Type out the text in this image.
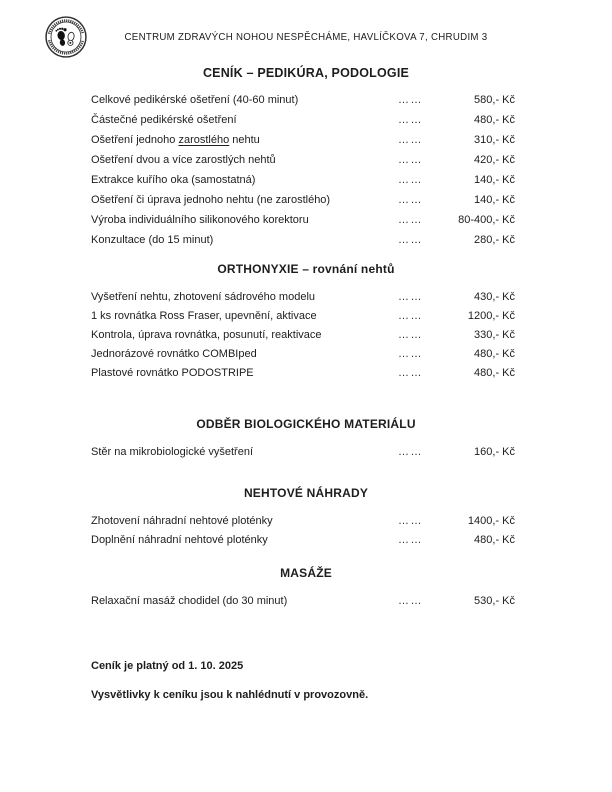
CENTRUM ZDRAVÝCH NOHOU NESPĚCHÁME, HAVLÍČKOVA 7, CHRUDIM 3
CENÍK – PEDIKÚRA, PODOLOGIE
Celkové pedikérské ošetření (40-60 minut)	……	580,- Kč
Částečné pedikérské ošetření	……	480,- Kč
Ošetření jednoho zarostlého nehtu	……	310,- Kč
Ošetření dvou a více zarostlých nehtů	……	420,- Kč
Extrakce kuřího oka (samostatná)	……	140,- Kč
Ošetření či úprava jednoho nehtu (ne zarostlého)	……	140,- Kč
Výroba individuálního silikonového korektoru	……	80-400,- Kč
Konzultace (do 15 minut)	……	280,- Kč
ORTHONYXIE – rovnání nehtů
Vyšetření nehtu, zhotovení sádrového modelu	……	430,- Kč
1 ks rovnátka Ross Fraser, upevnění, aktivace	……	1200,- Kč
Kontrola, úprava rovnátka, posunutí, reaktivace	……	330,- Kč
Jednorázové rovnátko COMBIped	……	480,- Kč
Plastové rovnátko PODOSTRIPE	……	480,- Kč
ODBĚR BIOLOGICKÉHO MATERIÁLU
Stěr na mikrobiologické vyšetření	……	160,- Kč
NEHTOVÉ NÁHRADY
Zhotovení náhradní nehtové ploténky	……	1400,- Kč
Doplnění náhradní nehtové ploténky	……	480,- Kč
MASÁŽE
Relaxační masáž chodidel (do 30 minut)	……	530,- Kč
Ceník je platný od 1. 10. 2025
Vysvětlivky k ceníku jsou k nahlédnutí v provozovně.
